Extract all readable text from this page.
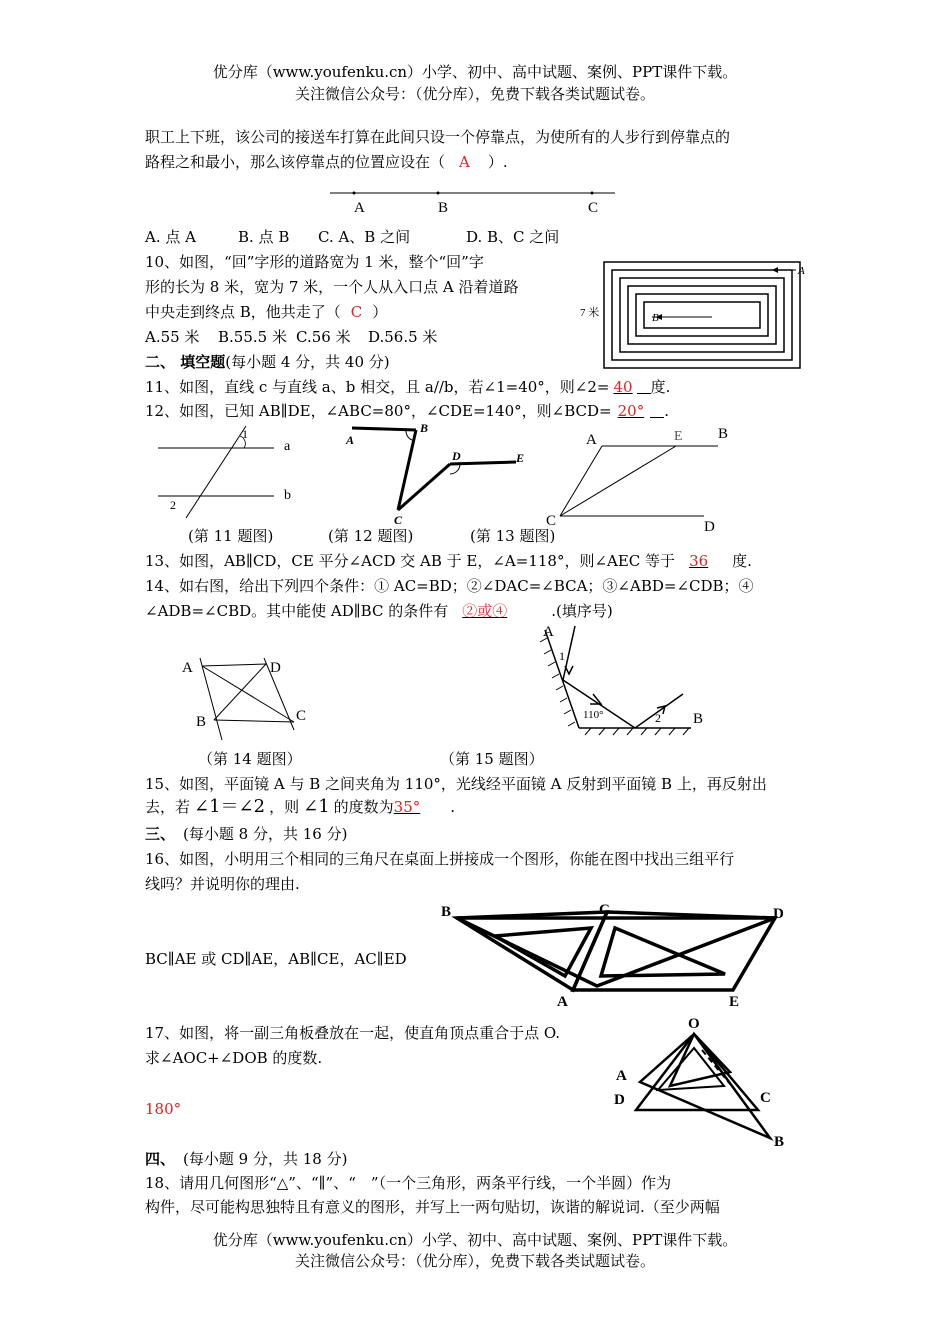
优分库（www.youfenku.cn）小学、初中、高中试题、案例、PPT课件下载。
关注微信公众号：（优分库），免费下载各类试题试卷。
职工上下班，该公司的接送车打算在此间只设一个停靠点，为使所有的人步行到停靠点的
路程之和最小，那么该停靠点的位置应设在（ A ）.
A	B	C
A. 点 A	B. 点 B C. A、B 之间	D. B、C 之间
10、如图，“回”字形的道路宽为 1 米，整个“回”字
形的长为 8 米，宽为 7 米，一个人从入口点 A 沿着道路
中央走到终点 B，他共走了（ C ）
A.55 米 B.55.5 米 C.56 米 D.56.5 米
A
B
7 米
二、 填空题(每小题 4 分，共 40 分)
11、如图，直线 c 与直线 a、b 相交，且 a//b，若∠1=40°，则∠2= 40 度.
12、如图，已知 AB∥DE，∠ABC=80°，∠CDE=140°，则∠BCD= 20° .
1
2
a
b
A
B
C
D	E
A	E B
C	D
(第 11 题图)	(第 12 题图)	(第 13 题图)
13、如图，AB∥CD，CE 平分∠ACD 交 AB 于 E，∠A=118°，则∠AEC 等于 36 度.
14、如右图，给出下列四个条件：① AC=BD；②∠DAC=∠BCA；③∠ABD=∠CDB；④
∠ADB=∠CBD。其中能使 AD∥BC 的条件有 ②或④	.(填序号)
A	D
B	C
A
1
110°	2 B
（第 14 题图）	（第 15 题图）
15、如图，平面镜 A 与 B 之间夹角为 110°，光线经平面镜 A 反射到平面镜 B 上，再反射出
去，若 ∠1＝∠2 ，则 ∠1 的度数为35° .
三、 (每小题 8 分，共 16 分)
16、如图，小明用三个相同的三角尺在桌面上拼接成一个图形，你能在图中找出三组平行
线吗？并说明你的理由.
BC∥AE 或 CD∥AE，AB∥CE，AC∥ED
B	C	D
A	E
17、如图，将一副三角板叠放在一起，使直角顶点重合于点 O.
求∠AOC+∠DOB 的度数.
180°
O
A
D	C
B
四、 (每小题 9 分，共 18 分)
18、请用几何图形“△”、“∥”、“　”（一个三角形，两条平行线，一个半圆）作为
构件，尽可能构思独特且有意义的图形，并写上一两句贴切，诙谐的解说词.（至少两幅
优分库（www.youfenku.cn）小学、初中、高中试题、案例、PPT课件下载。
关注微信公众号：（优分库），免费下载各类试题试卷。
